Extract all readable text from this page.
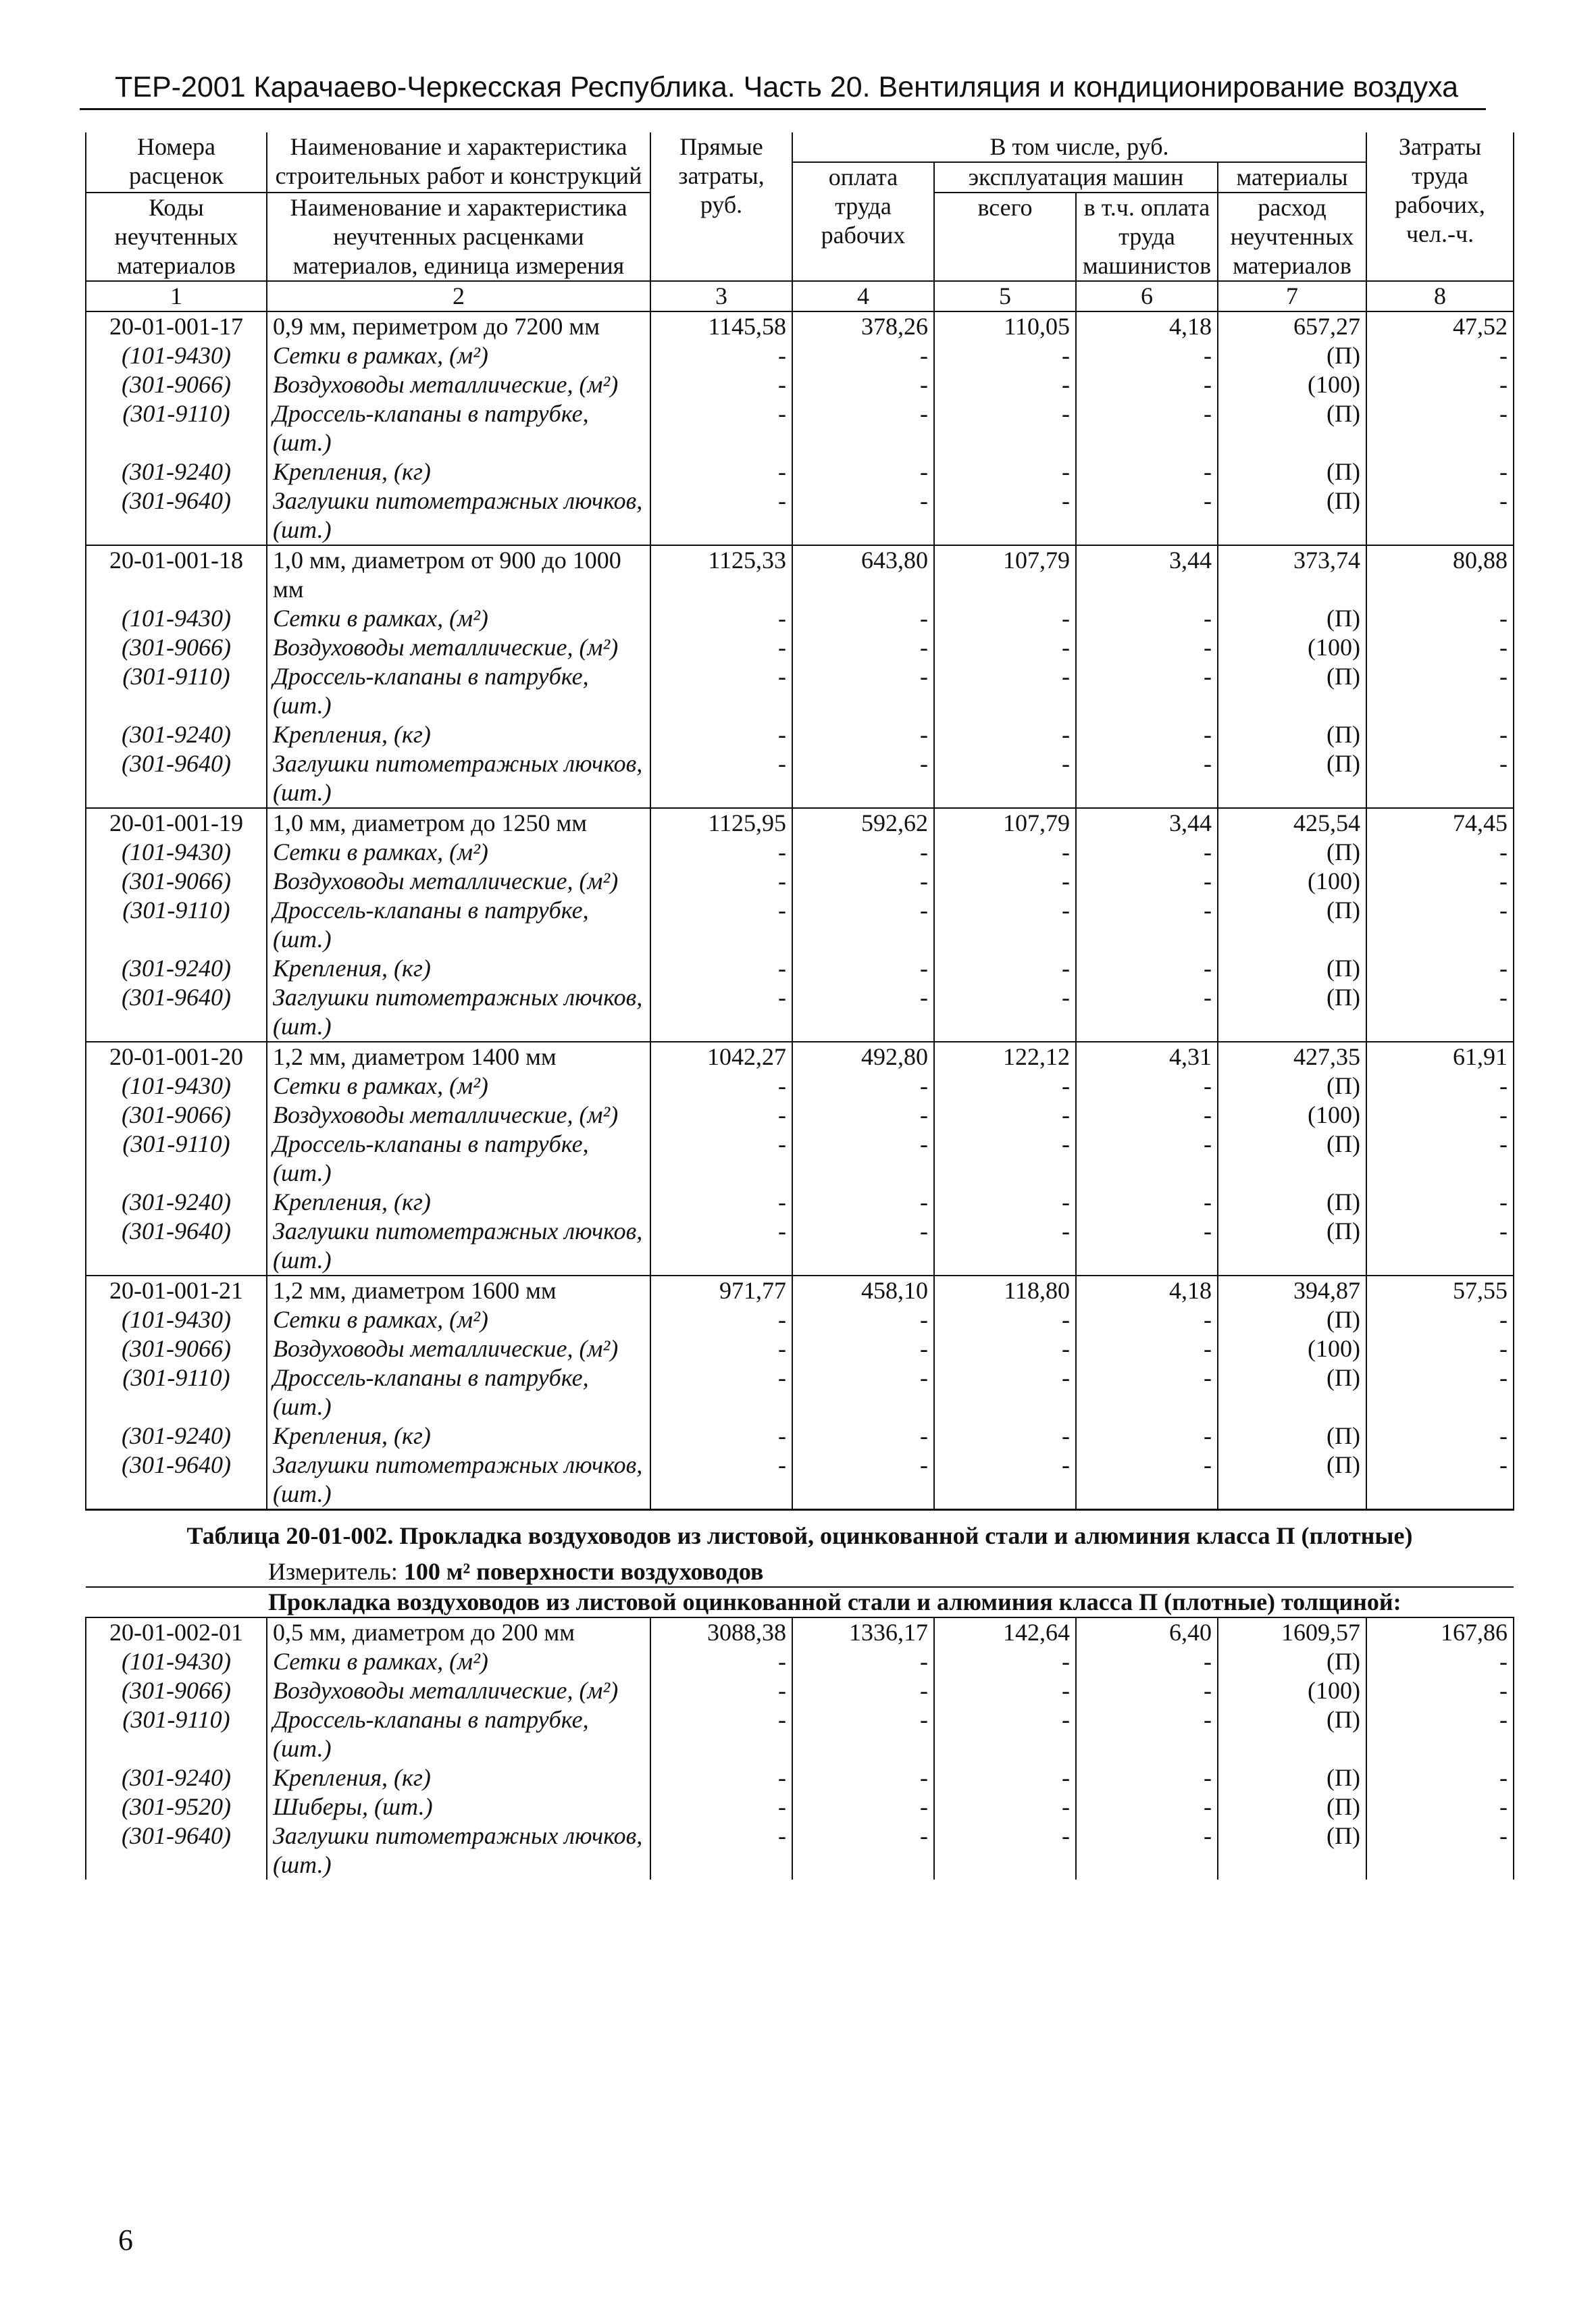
ТЕР-2001 Карачаево-Черкесская Республика. Часть 20. Вентиляция и кондиционирование воздуха
Номера расценок	Наименование и характеристика строительных работ и конструкций	Прямые затраты, руб.	В том числе, руб.				Затраты труда рабочих, чел.-ч.
			оплата труда рабочих	эксплуатация машин		материалы	
Коды неучтенных материалов	Наименование и характеристика неучтенных расценками материалов, единица измерения			всего	в т.ч. оплата труда машинистов	расход неучтенных материалов	

1	2	3	4	5	6	7	8
20-01-001-17	0,9 мм, периметром до 7200 мм	1145,58	378,26	110,05	4,18	657,27	47,52
(101-9430)	Сетки в рамках, (м²)	-	-	-	-	(П)	-
(301-9066)	Воздуховоды металлические, (м²)	-	-	-	-	(100)	-
(301-9110)	Дроссель-клапаны в патрубке, (шт.)	-	-	-	-	(П)	-
(301-9240)	Крепления, (кг)	-	-	-	-	(П)	-
(301-9640)	Заглушки питометражных лючков, (шт.)	-	-	-	-	(П)	-
20-01-001-18	1,0 мм, диаметром от 900 до 1000 мм	1125,33	643,80	107,79	3,44	373,74	80,88
(101-9430)	Сетки в рамках, (м²)	-	-	-	-	(П)	-
(301-9066)	Воздуховоды металлические, (м²)	-	-	-	-	(100)	-
(301-9110)	Дроссель-клапаны в патрубке, (шт.)	-	-	-	-	(П)	-
(301-9240)	Крепления, (кг)	-	-	-	-	(П)	-
(301-9640)	Заглушки питометражных лючков, (шт.)	-	-	-	-	(П)	-
20-01-001-19	1,0 мм, диаметром до 1250 мм	1125,95	592,62	107,79	3,44	425,54	74,45
(101-9430)	Сетки в рамках, (м²)	-	-	-	-	(П)	-
(301-9066)	Воздуховоды металлические, (м²)	-	-	-	-	(100)	-
(301-9110)	Дроссель-клапаны в патрубке, (шт.)	-	-	-	-	(П)	-
(301-9240)	Крепления, (кг)	-	-	-	-	(П)	-
(301-9640)	Заглушки питометражных лючков, (шт.)	-	-	-	-	(П)	-
20-01-001-20	1,2 мм, диаметром 1400 мм	1042,27	492,80	122,12	4,31	427,35	61,91
(101-9430)	Сетки в рамках, (м²)	-	-	-	-	(П)	-
(301-9066)	Воздуховоды металлические, (м²)	-	-	-	-	(100)	-
(301-9110)	Дроссель-клапаны в патрубке, (шт.)	-	-	-	-	(П)	-
(301-9240)	Крепления, (кг)	-	-	-	-	(П)	-
(301-9640)	Заглушки питометражных лючков, (шт.)	-	-	-	-	(П)	-
20-01-001-21	1,2 мм, диаметром 1600 мм	971,77	458,10	118,80	4,18	394,87	57,55
(101-9430)	Сетки в рамках, (м²)	-	-	-	-	(П)	-
(301-9066)	Воздуховоды металлические, (м²)	-	-	-	-	(100)	-
(301-9110)	Дроссель-клапаны в патрубке, (шт.)	-	-	-	-	(П)	-
(301-9240)	Крепления, (кг)	-	-	-	-	(П)	-
(301-9640)	Заглушки питометражных лючков, (шт.)	-	-	-	-	(П)	-
Таблица 20-01-002. Прокладка воздуховодов из листовой, оцинкованной стали и алюминия класса П (плотные)							
Измеритель: 100 м² поверхности воздуховодов							
Прокладка воздуховодов из листовой оцинкованной стали и алюминия класса П (плотные) толщиной:							
20-01-002-01	0,5 мм, диаметром до 200 мм	3088,38	1336,17	142,64	6,40	1609,57	167,86
(101-9430)	Сетки в рамках, (м²)	-	-	-	-	(П)	-
(301-9066)	Воздуховоды металлические, (м²)	-	-	-	-	(100)	-
(301-9110)	Дроссель-клапаны в патрубке, (шт.)	-	-	-	-	(П)	-
(301-9240)	Крепления, (кг)	-	-	-	-	(П)	-
(301-9520)	Шиберы, (шт.)	-	-	-	-	(П)	-
(301-9640)	Заглушки питометражных лючков, (шт.)	-	-	-	-	(П)	-
6
